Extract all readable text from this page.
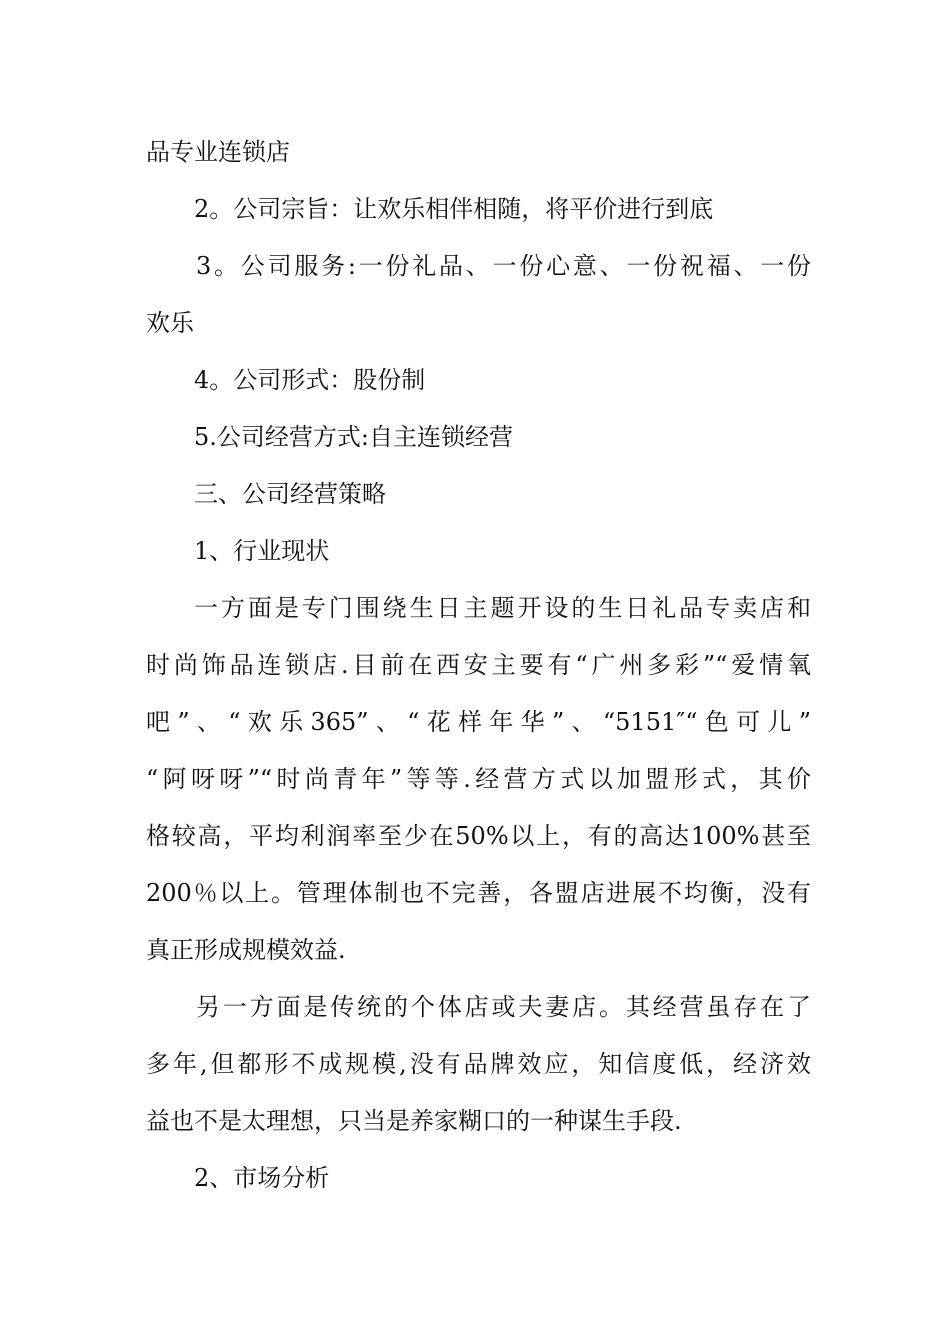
品专业连锁店
2。公司宗旨：让欢乐相伴相随，将平价进行到底
3。公司服务:一份礼品、一份心意、一份祝福、一份
欢乐
4。公司形式：股份制
5.公司经营方式:自主连锁经营
三、公司经营策略
1、行业现状
一方面是专门围绕生日主题开设的生日礼品专卖店和
时尚饰品连锁店.目前在西安主要有“广州多彩”“爱情氧
吧”、“欢乐365”、“花样年华”、“5151″“色可儿”
“阿呀呀”“时尚青年”等等.经营方式以加盟形式，其价
格较高，平均利润率至少在50%以上，有的高达100%甚至
200％以上。管理体制也不完善，各盟店进展不均衡，没有
真正形成规模效益.
另一方面是传统的个体店或夫妻店。其经营虽存在了
多年,但都形不成规模,没有品牌效应，知信度低，经济效
益也不是太理想，只当是养家糊口的一种谋生手段.
2、市场分析
